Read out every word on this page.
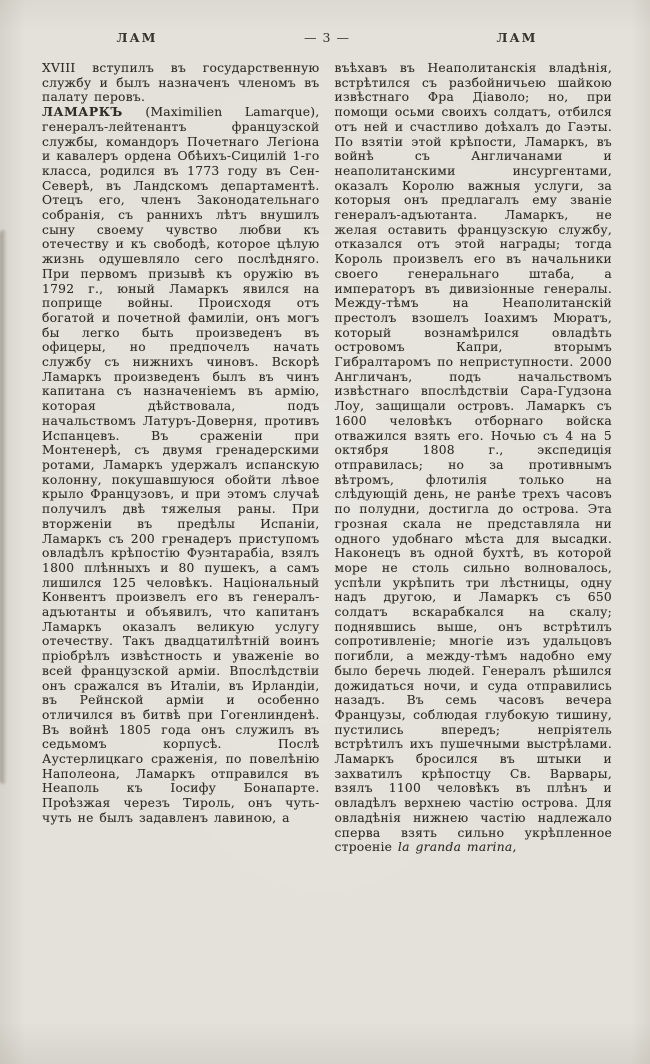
ЛАМ	— 3 —	ЛАМ

XVIII вступилъ въ государственную службу и былъ назначенъ членомъ въ палату перовъ.

ЛАМАРКЪ (Maximilien Lamarque), генералъ-лейтенантъ французской службы, командоръ Почетнаго Легіона и кавалеръ ордена Обѣихъ-Сицилій 1-го класса, родился въ 1773 году въ Сен-Северѣ, въ Ландскомъ департаментѣ. Отецъ его, членъ Законодательнаго собранія, съ раннихъ лѣтъ внушилъ сыну своему чувство любви къ отечеству и къ свободѣ, которое цѣлую жизнь одушевляло сего послѣдняго. При первомъ призывѣ къ оружію въ 1792 г., юный Ламаркъ явился на поприще войны. Происходя отъ богатой и почетной фамиліи, онъ могъ бы легко быть произведенъ въ офицеры, но предпочелъ начать службу съ нижнихъ чиновъ. Вскорѣ Ламаркъ произведенъ былъ въ чинъ капитана съ назначеніемъ въ армію, которая дѣйствовала, подъ начальствомъ Латуръ-Доверня, противъ Испанцевъ. Въ сраженіи при Монтенерѣ, съ двумя гренадерскими ротами, Ламаркъ удержалъ испанскую колонну, покушавшуюся обойти лѣвое крыло Французовъ, и при этомъ случаѣ получилъ двѣ тяжелыя раны. При вторженіи въ предѣлы Испаніи, Ламаркъ съ 200 гренадеръ приступомъ овладѣлъ крѣпостію Фуэнтарабіа, взялъ 1800 плѣнныхъ и 80 пушекъ, а самъ лишился 125 человѣкъ. Національный Конвентъ произвелъ его въ генералъ-адъютанты и объявилъ, что капитанъ Ламаркъ оказалъ великую услугу отечеству. Такъ двадцатилѣтній воинъ пріобрѣлъ извѣстность и уваженіе во всей французской арміи. Впослѣдствіи онъ сражался въ Италіи, въ Ирландіи, въ Рейнской арміи и особенно отличился въ битвѣ при Гогенлинденѣ. Въ войнѣ 1805 года онъ служилъ въ седьмомъ корпусѣ. Послѣ Аустерлицкаго сраженія, по повелѣнію Наполеона, Ламаркъ отправился въ Неаполь къ Іосифу Бонапарте. Проѣзжая черезъ Тироль, онъ чуть-чуть не былъ задавленъ лавиною, а

въѣхавъ въ Неаполитанскія владѣнія, встрѣтился съ разбойничьею шайкою извѣстнаго Фра Діаволо; но, при помощи осьми своихъ солдатъ, отбился отъ ней и счастливо доѣхалъ до Гаэты. По взятіи этой крѣпости, Ламаркъ, въ войнѣ съ Англичанами и неаполитанскими инсургентами, оказалъ Королю важныя услуги, за которыя онъ предлагалъ ему званіе генералъ-адъютанта. Ламаркъ, не желая оставить французскую службу, отказался отъ этой награды; тогда Король произвелъ его въ начальники своего генеральнаго штаба, а императоръ въ дивизіонные генералы. Между-тѣмъ на Неаполитанскій престолъ взошелъ Іоахимъ Мюратъ, который вознамѣрился овладѣть островомъ Капри, вторымъ Гибралтаромъ по неприступности. 2000 Англичанъ, подъ начальствомъ извѣстнаго впослѣдствіи Сара-Гудзона Лоу, защищали островъ. Ламаркъ съ 1600 человѣкъ отборнаго войска отважился взять его. Ночью съ 4 на 5 октября 1808 г., экспедиція отправилась; но за противнымъ вѣтромъ, флотилія только на слѣдующій день, не ранѣе трехъ часовъ по полудни, достигла до острова. Эта грозная скала не представляла ни одного удобнаго мѣста для высадки. Наконецъ въ одной бухтѣ, въ которой море не столь сильно волновалось, успѣли укрѣпить три лѣстницы, одну надъ другою, и Ламаркъ съ 650 солдатъ вскарабкался на скалу; поднявшись выше, онъ встрѣтилъ сопротивленіе; многіе изъ удальцовъ погибли, а между-тѣмъ надобно ему было беречь людей. Генералъ рѣшился дожидаться ночи, и суда отправились назадъ. Въ семь часовъ вечера Французы, соблюдая глубокую тишину, пустились впередъ; непріятель встрѣтилъ ихъ пушечными выстрѣлами. Ламаркъ бросился въ штыки и захватилъ крѣпостцу Св. Варвары, взялъ 1100 человѣкъ въ плѣнъ и овладѣлъ верхнею частію острова. Для овладѣнія нижнею частію надлежало сперва взять сильно укрѣпленное строеніе la granda marina,
